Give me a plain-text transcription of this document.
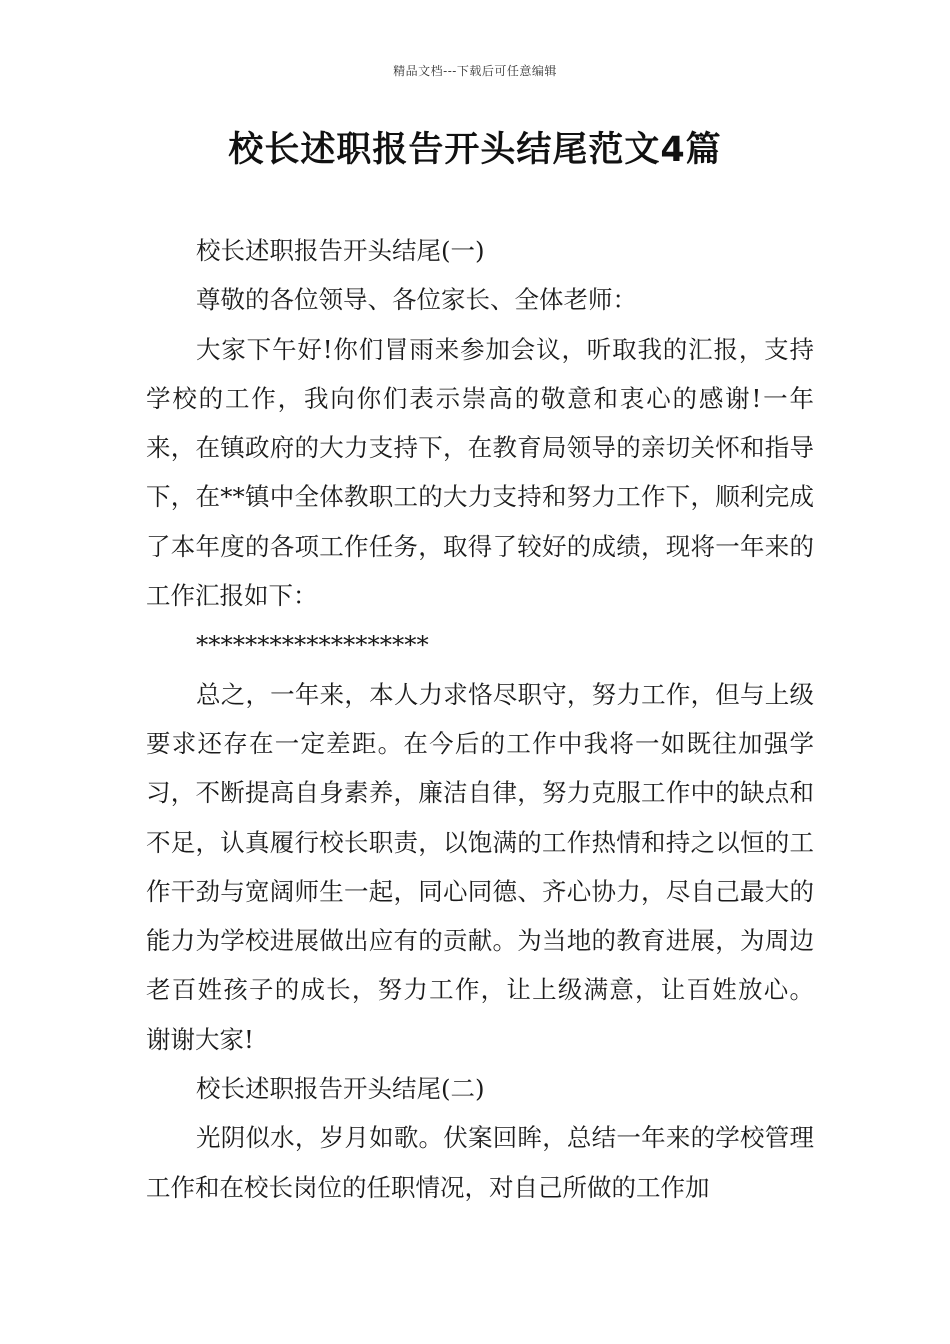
精品文档---下载后可任意编辑
校长述职报告开头结尾范文4篇

校长述职报告开头结尾(一)

尊敬的各位领导、各位家长、全体老师：

大家下午好!你们冒雨来参加会议，听取我的汇报，支持学校的工作，我向你们表示崇高的敬意和衷心的感谢!一年来，在镇政府的大力支持下，在教育局领导的亲切关怀和指导下，在**镇中全体教职工的大力支持和努力工作下，顺利完成了本年度的各项工作任务，取得了较好的成绩，现将一年来的工作汇报如下：

*******************

总之，一年来，本人力求恪尽职守，努力工作，但与上级要求还存在一定差距。在今后的工作中我将一如既往加强学习，不断提高自身素养，廉洁自律，努力克服工作中的缺点和不足，认真履行校长职责，以饱满的工作热情和持之以恒的工作干劲与宽阔师生一起，同心同德、齐心协力，尽自己最大的能力为学校进展做出应有的贡献。为当地的教育进展，为周边老百姓孩子的成长，努力工作，让上级满意，让百姓放心。 谢谢大家!

校长述职报告开头结尾(二)

光阴似水，岁月如歌。伏案回眸，总结一年来的学校管理工作和在校长岗位的任职情况，对自己所做的工作加
